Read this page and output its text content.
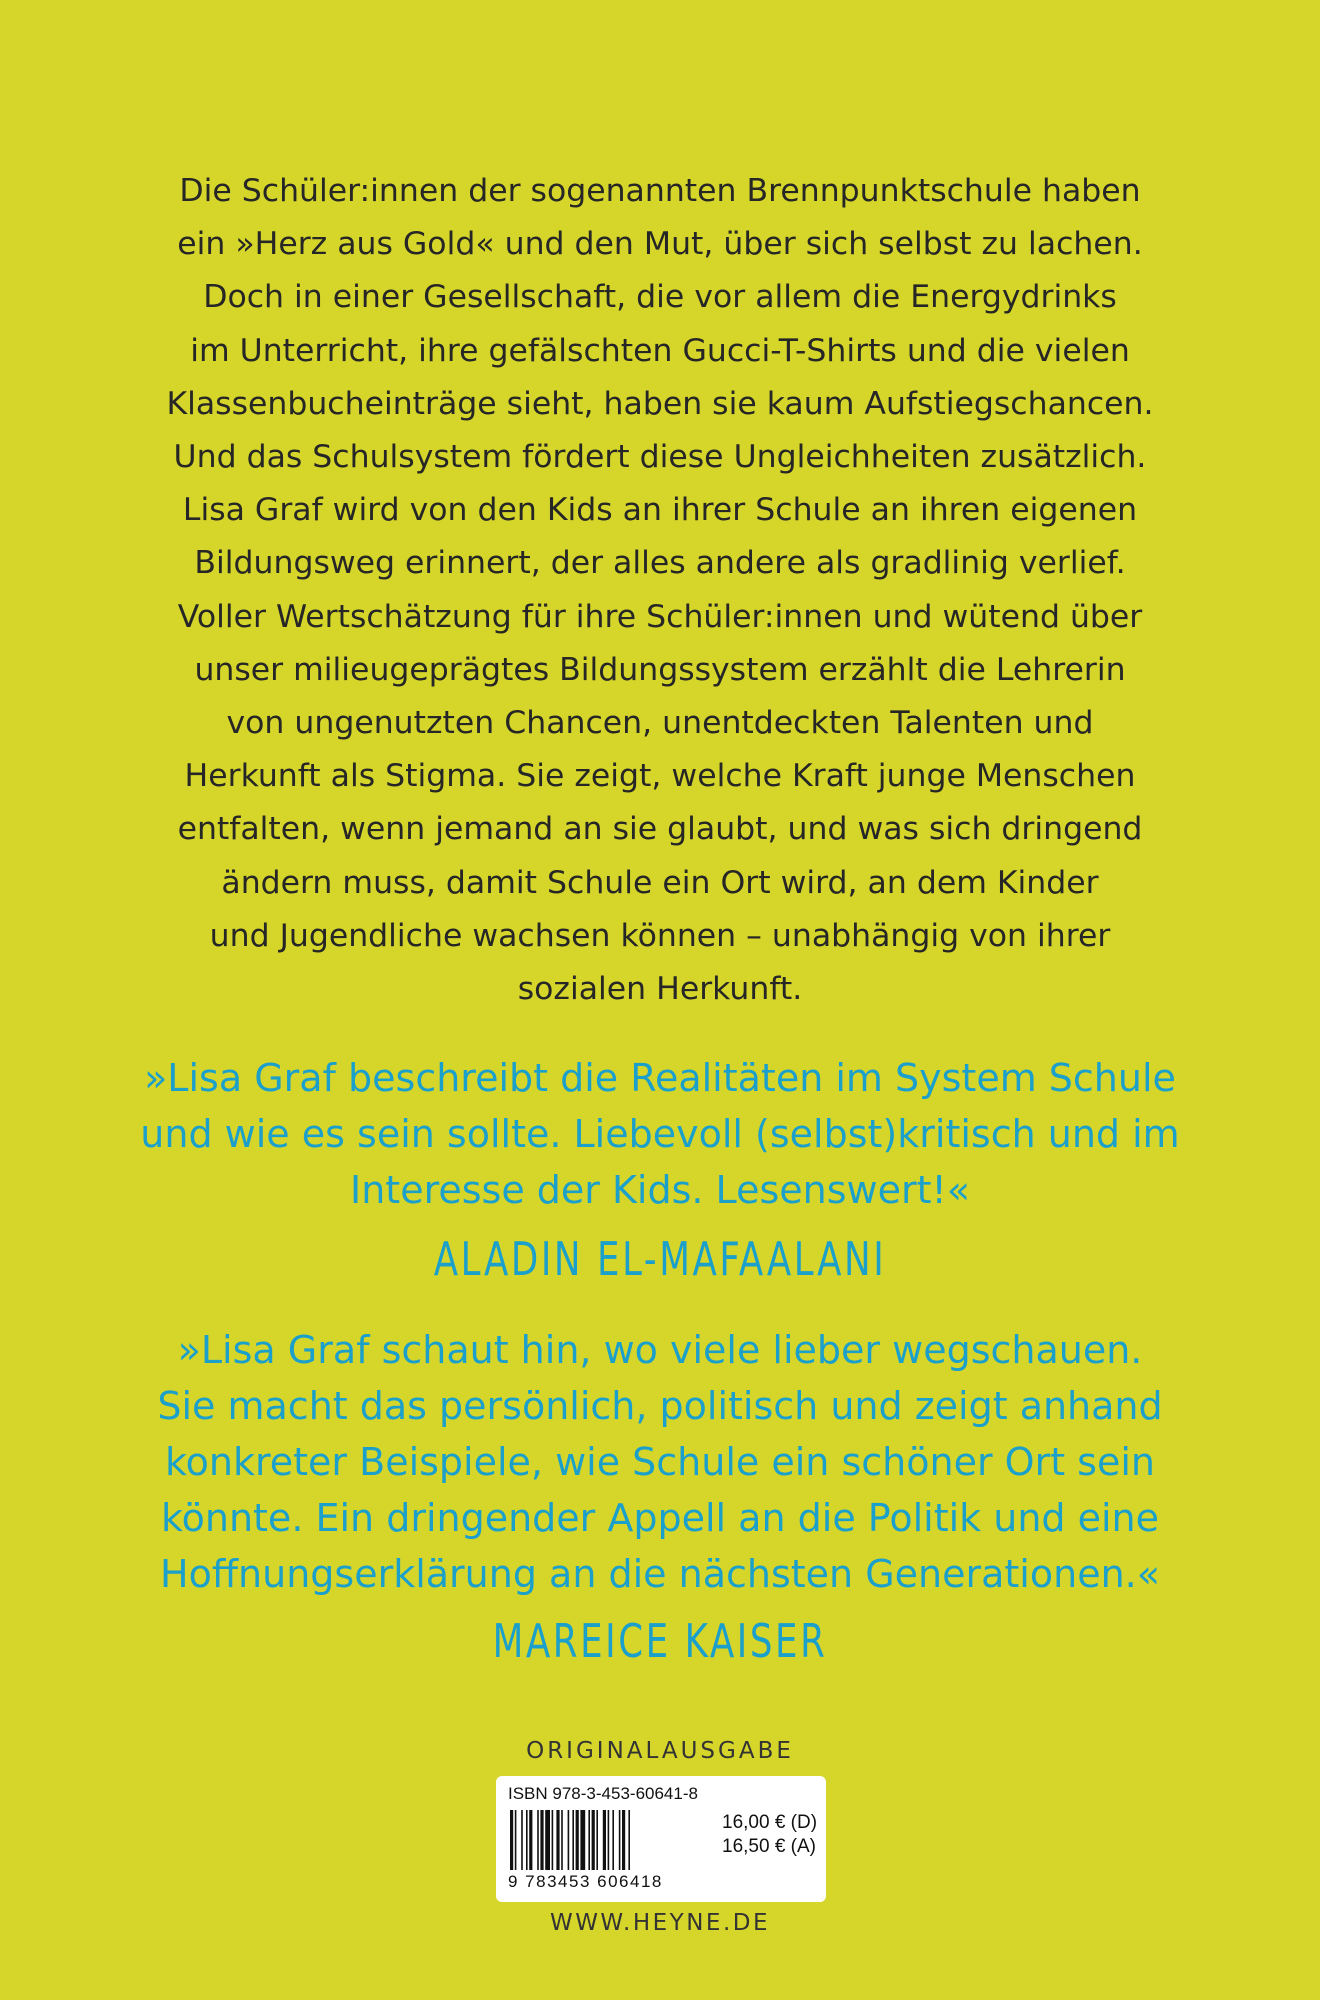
Die Schüler:innen der sogenannten Brennpunktschule haben
ein »Herz aus Gold« und den Mut, über sich selbst zu lachen.
Doch in einer Gesellschaft, die vor allem die Energydrinks
im Unterricht, ihre gefälschten Gucci-T-Shirts und die vielen
Klassenbucheinträge sieht, haben sie kaum Aufstiegschancen.
Und das Schulsystem fördert diese Ungleichheiten zusätzlich.
Lisa Graf wird von den Kids an ihrer Schule an ihren eigenen
Bildungsweg erinnert, der alles andere als gradlinig verlief.
Voller Wertschätzung für ihre Schüler:innen und wütend über
unser milieugeprägtes Bildungssystem erzählt die Lehrerin
von ungenutzten Chancen, unentdeckten Talenten und
Herkunft als Stigma. Sie zeigt, welche Kraft junge Menschen
entfalten, wenn jemand an sie glaubt, und was sich dringend
ändern muss, damit Schule ein Ort wird, an dem Kinder
und Jugendliche wachsen können – unabhängig von ihrer
sozialen Herkunft.
»Lisa Graf beschreibt die Realitäten im System Schule
und wie es sein sollte. Liebevoll (selbst)kritisch und im
Interesse der Kids. Lesenswert!«
ALADIN EL-MAFAALANI
»Lisa Graf schaut hin, wo viele lieber wegschauen.
Sie macht das persönlich, politisch und zeigt anhand
konkreter Beispiele, wie Schule ein schöner Ort sein
könnte. Ein dringender Appell an die Politik und eine
Hoffnungserklärung an die nächsten Generationen.«
MAREICE KAISER
ORIGINALAUSGABE
ISBN 978-3-453-60641-8
9 783453 606418
16,00 € (D)
16,50 € (A)
WWW.HEYNE.DE
